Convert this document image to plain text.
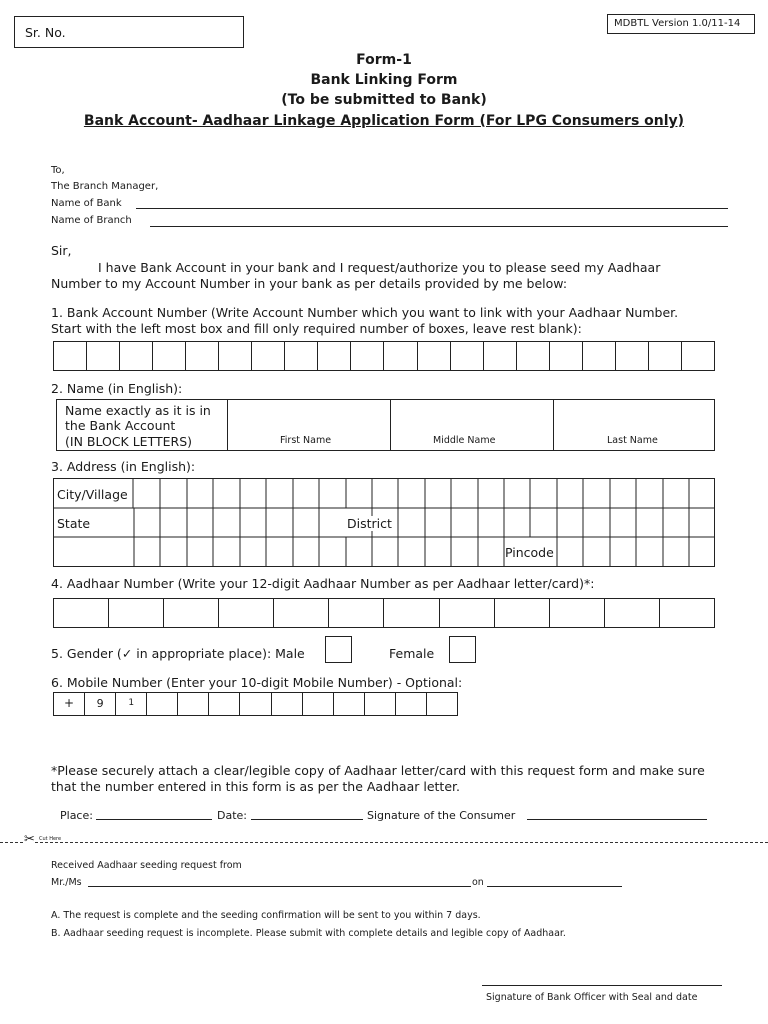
Sr. No.
MDBTL Version 1.0/11-14
Form-1
Bank Linking Form
(To be submitted to Bank)
Bank Account- Aadhaar Linkage Application Form (For LPG Consumers only)
To,
The Branch Manager,
Name of Bank
Name of Branch
Sir,
I have Bank Account in your bank and I request/authorize you to please seed my Aadhaar
Number to my Account Number in your bank as per details provided by me below:
1. Bank Account Number (Write Account Number which you want to link with your Aadhaar Number.
Start with the left most box and fill only required number of boxes, leave rest blank):
2. Name (in English):
Name exactly as it is in
the Bank Account
(IN BLOCK LETTERS)	First Name	Middle Name	Last Name
3. Address (in English):
City/Village
State	District
Pincode
4. Aadhaar Number (Write your 12-digit Aadhaar Number as per Aadhaar letter/card)*:
5. Gender (✓ in appropriate place): Male	Female
6. Mobile Number (Enter your 10-digit Mobile Number) - Optional:
+	9	1
*Please securely attach a clear/legible copy of Aadhaar letter/card with this request form and make sure
that the number entered in this form is as per the Aadhaar letter.
Place:	Date:	Signature of the Consumer
✂ Cut Here
Received Aadhaar seeding request from
Mr./Ms	on
A. The request is complete and the seeding confirmation will be sent to you within 7 days.
B. Aadhaar seeding request is incomplete. Please submit with complete details and legible copy of Aadhaar.
Signature of Bank Officer with Seal and date
